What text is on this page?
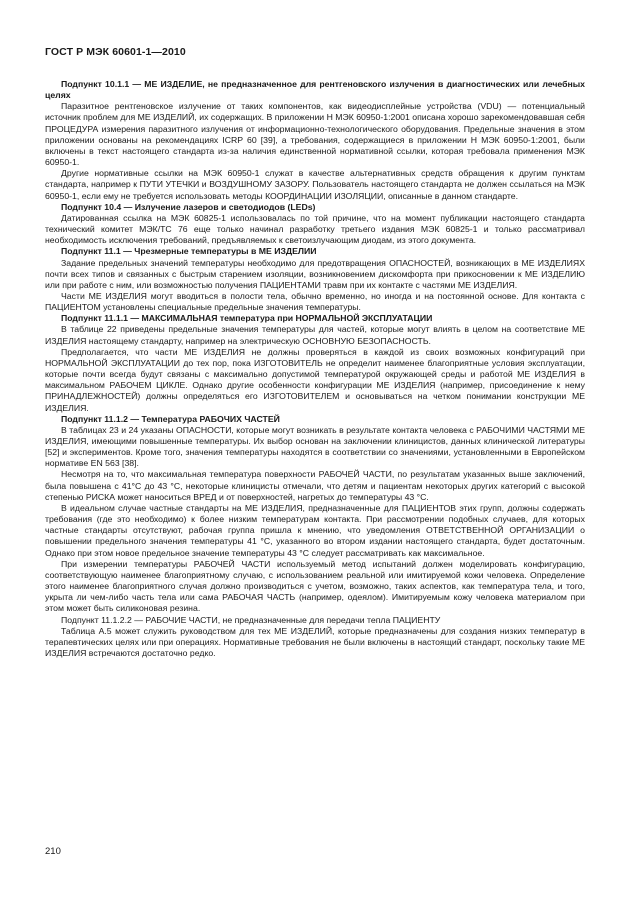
ГОСТ Р МЭК 60601-1—2010

Подпункт 10.1.1 — МЕ ИЗДЕЛИЕ, не предназначенное для рентгеновского излучения в диагностических или лечебных целях

Паразитное рентгеновское излучение от таких компонентов, как видеодисплейные устройства (VDU) — потенциальный источник проблем для МЕ ИЗДЕЛИЙ, их содержащих. В приложении Н МЭК 60950-1:2001 описана хорошо зарекомендовавшая себя ПРОЦЕДУРА измерения паразитного излучения от информационно-технологического оборудования. Предельные значения в этом приложении основаны на рекомендациях ICRP 60 [39], а требования, содержащиеся в приложении Н МЭК 60950-1:2001, были включены в текст настоящего стандарта из-за наличия единственной нормативной ссылки, которая требовала применения МЭК 60950-1.

Другие нормативные ссылки на МЭК 60950-1 служат в качестве альтернативных средств обращения к другим пунктам стандарта, например к ПУТИ УТЕЧКИ и ВОЗДУШНОМУ ЗАЗОРУ. Пользователь настоящего стандарта не должен ссылаться на МЭК 60950-1, если ему не требуется использовать методы КООРДИНАЦИИ ИЗОЛЯЦИИ, описанные в данном стандарте.

Подпункт 10.4 — Излучение лазеров и светодиодов (LEDs)

Датированная ссылка на МЭК 60825-1 использовалась по той причине, что на момент публикации настоящего стандарта технический комитет МЭК/ТС 76 еще только начинал разработку третьего издания МЭК 60825-1 и только рассматривал необходимость исключения требований, предъявляемых к светоизлучающим диодам, из этого документа.

Подпункт 11.1 — Чрезмерные температуры в МЕ ИЗДЕЛИИ

Задание предельных значений температуры необходимо для предотвращения ОПАСНОСТЕЙ, возникающих в МЕ ИЗДЕЛИЯХ почти всех типов и связанных с быстрым старением изоляции, возникновением дискомфорта при прикосновении к МЕ ИЗДЕЛИЮ или при работе с ним, или возможностью получения ПАЦИЕНТАМИ травм при их контакте с частями МЕ ИЗДЕЛИЯ.

Части МЕ ИЗДЕЛИЯ могут вводиться в полости тела, обычно временно, но иногда и на постоянной основе. Для контакта с ПАЦИЕНТОМ установлены специальные предельные значения температуры.

Подпункт 11.1.1 — МАКСИМАЛЬНАЯ температура при НОРМАЛЬНОЙ ЭКСПЛУАТАЦИИ

В таблице 22 приведены предельные значения температуры для частей, которые могут влиять в целом на соответствие МЕ ИЗДЕЛИЯ настоящему стандарту, например на электрическую ОСНОВНУЮ БЕЗОПАСНОСТЬ.

Предполагается, что части МЕ ИЗДЕЛИЯ не должны проверяться в каждой из своих возможных конфигураций при НОРМАЛЬНОЙ ЭКСПЛУАТАЦИИ до тех пор, пока ИЗГОТОВИТЕЛЬ не определит наименее благоприятные условия эксплуатации, которые почти всегда будут связаны с максимально допустимой температурой окружающей среды и работой МЕ ИЗДЕЛИЯ в максимальном РАБОЧЕМ ЦИКЛЕ. Однако другие особенности конфигурации МЕ ИЗДЕЛИЯ (например, присоединение к нему ПРИНАДЛЕЖНОСТЕЙ) должны определяться его ИЗГОТОВИТЕЛЕМ и основываться на четком понимании конструкции МЕ ИЗДЕЛИЯ.

Подпункт 11.1.2 — Температура РАБОЧИХ ЧАСТЕЙ

В таблицах 23 и 24 указаны ОПАСНОСТИ, которые могут возникать в результате контакта человека с РАБОЧИМИ ЧАСТЯМИ МЕ ИЗДЕЛИЯ, имеющими повышенные температуры. Их выбор основан на заключении клиницистов, данных клинической литературы [52] и экспериментов. Кроме того, значения температуры находятся в соответствии со значениями, установленными в Европейском нормативе EN 563 [38].

Несмотря на то, что максимальная температура поверхности РАБОЧЕЙ ЧАСТИ, по результатам указанных выше заключений, была повышена с 41°С до 43 °С, некоторые клиницисты отмечали, что детям и пациентам некоторых других категорий с высокой степенью РИСКА может наноситься ВРЕД и от поверхностей, нагретых до температуры 43 °С.

В идеальном случае частные стандарты на МЕ ИЗДЕЛИЯ, предназначенные для ПАЦИЕНТОВ этих групп, должны содержать требования (где это необходимо) к более низким температурам контакта. При рассмотрении подобных случаев, для которых частные стандарты отсутствуют, рабочая группа пришла к мнению, что уведомления ОТВЕТСТВЕННОЙ ОРГАНИЗАЦИИ о повышении предельного значения температуры 41 °С, указанного во втором издании настоящего стандарта, будет достаточным. Однако при этом новое предельное значение температуры 43 °С следует рассматривать как максимальное.

При измерении температуры РАБОЧЕЙ ЧАСТИ используемый метод испытаний должен моделировать конфигурацию, соответствующую наименее благоприятному случаю, с использованием реальной или имитируемой кожи человека. Определение этого наименее благоприятного случая должно производиться с учетом, возможно, таких аспектов, как температура тела, и того, укрыта ли чем-либо часть тела или сама РАБОЧАЯ ЧАСТЬ (например, одеялом). Имитируемым кожу человека материалом при этом может быть силиконовая резина.

Подпункт 11.1.2.2 — РАБОЧИЕ ЧАСТИ, не предназначенные для передачи тепла ПАЦИЕНТУ

Таблица А.5 может служить руководством для тех МЕ ИЗДЕЛИЙ, которые предназначены для создания низких температур в терапевтических целях или при операциях. Нормативные требования не были включены в настоящий стандарт, поскольку такие МЕ ИЗДЕЛИЯ встречаются достаточно редко.

210
